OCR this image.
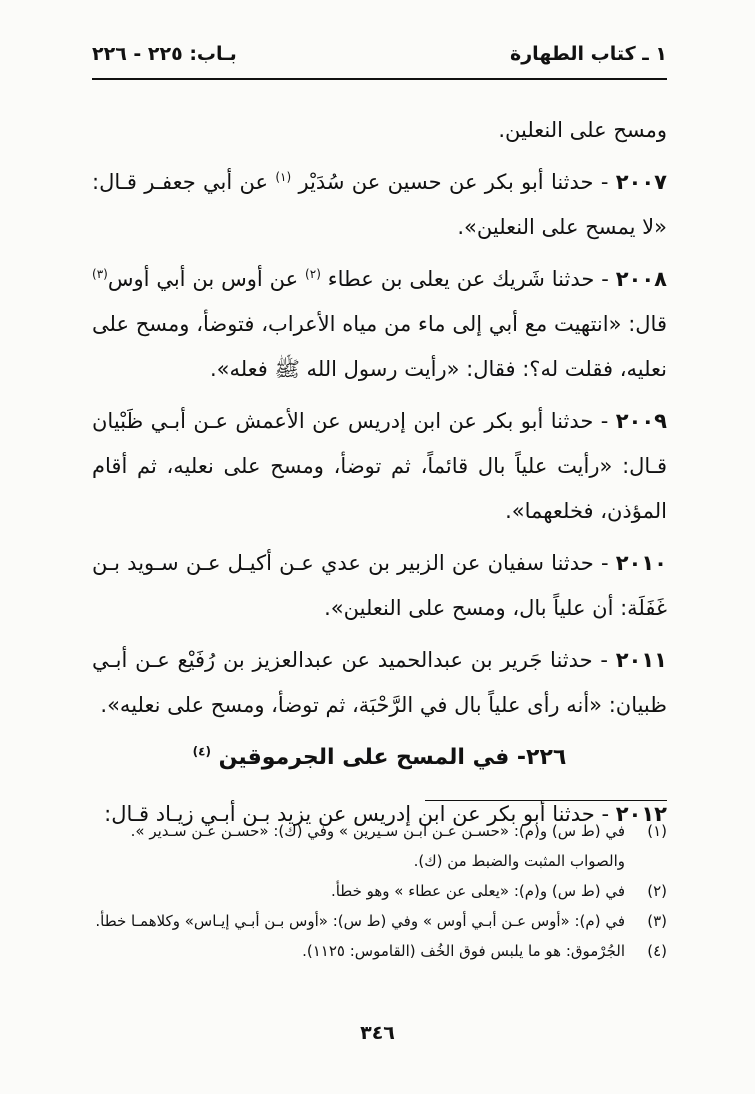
١ ـ كتاب الطهارة
بـاب: ٢٢٥ - ٢٢٦

ومسح على النعلين.

٢٠٠٧ - حدثنا أبو بكر عن حسين عن سُدَيْر $^{(١)}$ عن أبي جعفـر قـال: «لا يمسح على النعلين».

٢٠٠٨ - حدثنا شَريك عن يعلى بن عطاء $^{(٢)}$ عن أوس بن أبي أوس$^{(٣)}$ قال: «انتهيت مع أبي إلى ماء من مياه الأعراب، فتوضأ، ومسح على نعليه، فقلت له؟: فقال: «رأيت رسول الله ﷺ فعله».

٢٠٠٩ - حدثنا أبو بكر عن ابن إدريس عن الأعمش عـن أبـي ظَبْيان قـال: «رأيت علياً بال قائماً، ثم توضأ، ومسح على نعليه، ثم أقام المؤذن، فخلعهما».

٢٠١٠ - حدثنا سفيان عن الزبير بن عدي عـن أكيـل عـن سـويد بـن غَفَلَة: أن علياً بال، ومسح على النعلين».

٢٠١١ - حدثنا جَرير بن عبدالحميد عن عبدالعزيز بن رُفَيْع عـن أبـي ظبيان: «أنه رأى علياً بال في الرَّحْبَة، ثم توضأ، ومسح على نعليه».

٢٢٦- في المسح على الجرموقين $^{(٤)}$

٢٠١٢ - حدثنا أبو بكر عن ابن إدريس عن يزيد بـن أبـي زيـاد قـال:

(١)
في (ط س) و(م): «حسـن عـن ابـن سـيرين » وفي (ك): «حسـن عـن سـدير ». والصواب المثبت والضبط من (ك).
(٢)
في (ط س) و(م): «يعلى عن عطاء » وهو خطأ.
(٣)
في (م): «أوس عـن أبـي أوس » وفي (ط س): «أوس بـن أبـي إيـاس» وكلاهمـا خطأ.
(٤)
الجُرْموق: هو ما يلبس فوق الخُف (القاموس: ١١٢٥).
٣٤٦
